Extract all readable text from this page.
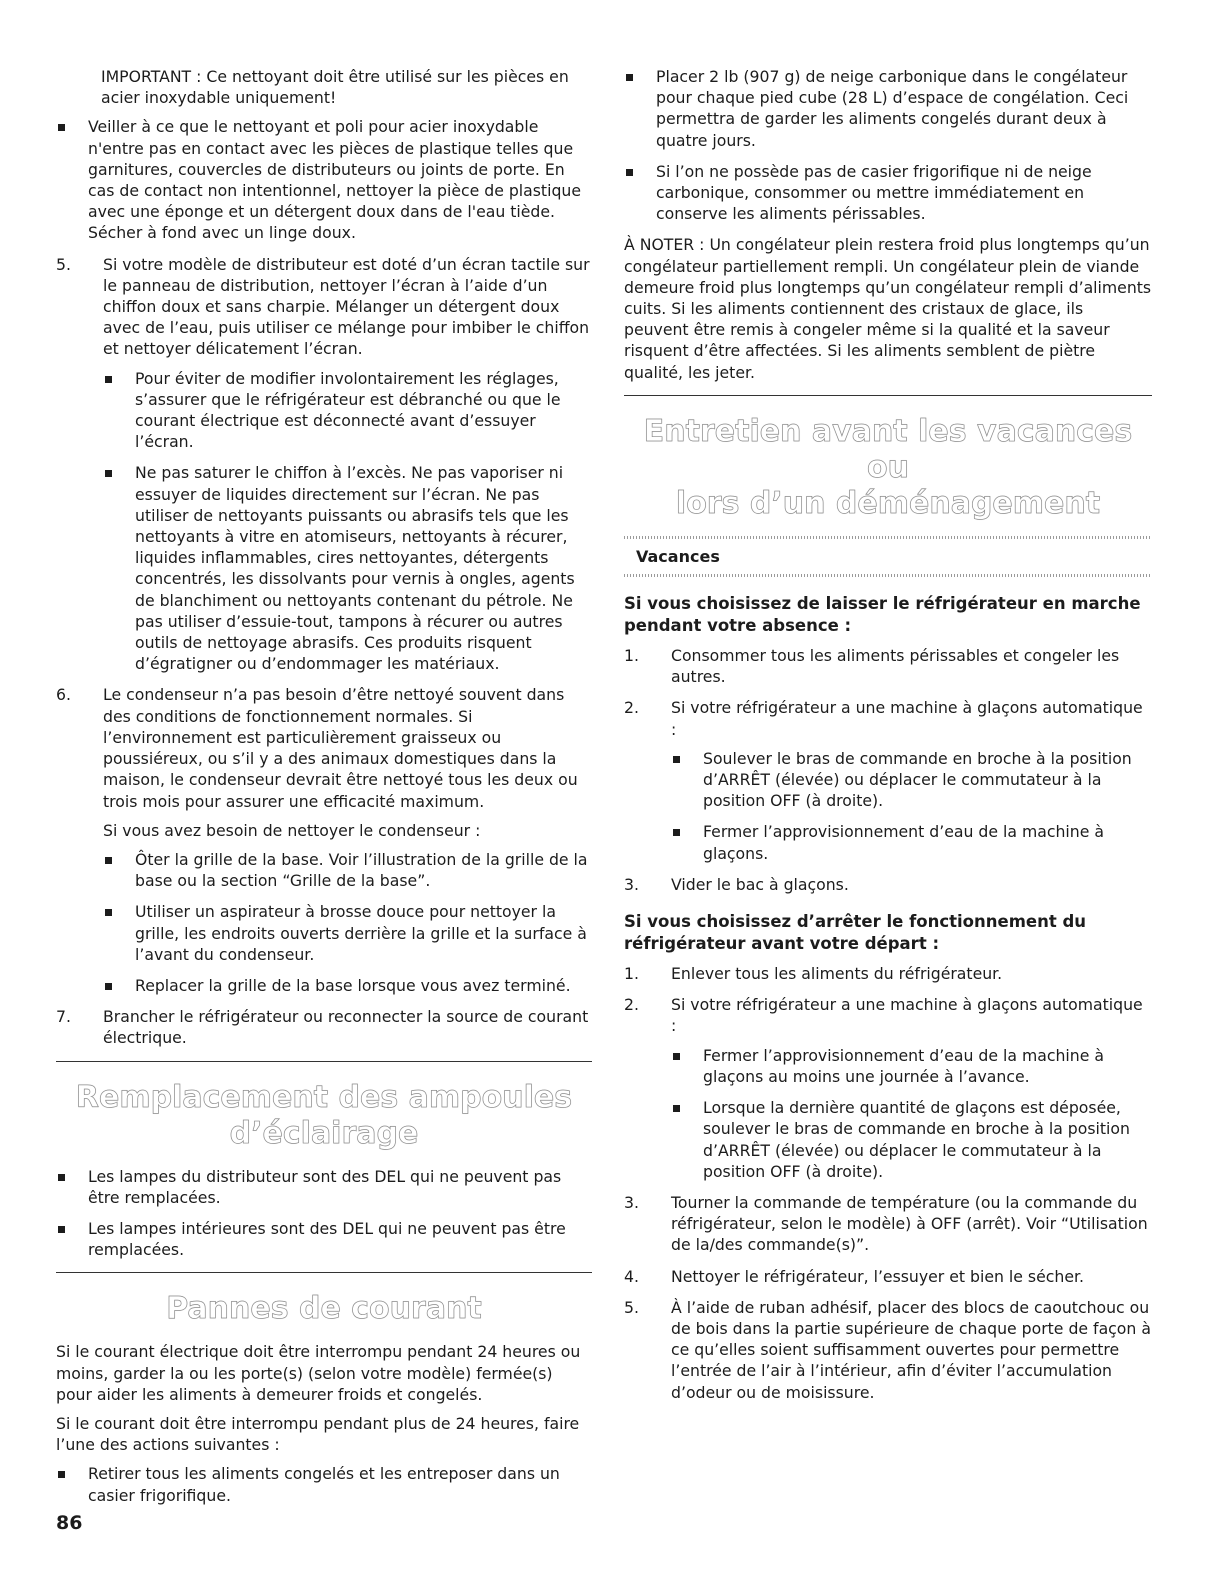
IMPORTANT : Ce nettoyant doit être utilisé sur les pièces en acier inoxydable uniquement!

Veiller à ce que le nettoyant et poli pour acier inoxydable n'entre pas en contact avec les pièces de plastique telles que garnitures, couvercles de distributeurs ou joints de porte. En cas de contact non intentionnel, nettoyer la pièce de plastique avec une éponge et un détergent doux dans de l'eau tiède. Sécher à fond avec un linge doux.
5.	Si votre modèle de distributeur est doté d’un écran tactile sur le panneau de distribution, nettoyer l’écran à l’aide d’un chiffon doux et sans charpie. Mélanger un détergent doux avec de l’eau, puis utiliser ce mélange pour imbiber le chiffon et nettoyer délicatement l’écran.
Pour éviter de modifier involontairement les réglages, s’assurer que le réfrigérateur est débranché ou que le courant électrique est déconnecté avant d’essuyer l’écran.
Ne pas saturer le chiffon à l’excès. Ne pas vaporiser ni essuyer de liquides directement sur l’écran. Ne pas utiliser de nettoyants puissants ou abrasifs tels que les nettoyants à vitre en atomiseurs, nettoyants à récurer, liquides inflammables, cires nettoyantes, détergents concentrés, les dissolvants pour vernis à ongles, agents de blanchiment ou nettoyants contenant du pétrole. Ne pas utiliser d’essuie-tout, tampons à récurer ou autres outils de nettoyage abrasifs. Ces produits risquent d’égratigner ou d’endommager les matériaux.
6.	Le condenseur n’a pas besoin d’être nettoyé souvent dans des conditions de fonctionnement normales. Si l’environnement est particulièrement graisseux ou poussiéreux, ou s’il y a des animaux domestiques dans la maison, le condenseur devrait être nettoyé tous les deux ou trois mois pour assurer une efficacité maximum.

Si vous avez besoin de nettoyer le condenseur :

Ôter la grille de la base. Voir l’illustration de la grille de la base ou la section “Grille de la base”.
Utiliser un aspirateur à brosse douce pour nettoyer la grille, les endroits ouverts derrière la grille et la surface à l’avant du condenseur.
Replacer la grille de la base lorsque vous avez terminé.
7.	Brancher le réfrigérateur ou reconnecter la source de courant électrique.
Remplacement des ampoules d’éclairage
Les lampes du distributeur sont des DEL qui ne peuvent pas être remplacées.
Les lampes intérieures sont des DEL qui ne peuvent pas être remplacées.
Pannes de courant

Si le courant électrique doit être interrompu pendant 24 heures ou moins, garder la ou les porte(s) (selon votre modèle) fermée(s) pour aider les aliments à demeurer froids et congelés.

Si le courant doit être interrompu pendant plus de 24 heures, faire l’une des actions suivantes :

Retirer tous les aliments congelés et les entreposer dans un casier frigorifique.
Placer 2 lb (907 g) de neige carbonique dans le congélateur pour chaque pied cube (28 L) d’espace de congélation. Ceci permettra de garder les aliments congelés durant deux à quatre jours.
Si l’on ne possède pas de casier frigorifique ni de neige carbonique, consommer ou mettre immédiatement en conserve les aliments périssables.

À NOTER : Un congélateur plein restera froid plus longtemps qu’un congélateur partiellement rempli. Un congélateur plein de viande demeure froid plus longtemps qu’un congélateur rempli d’aliments cuits. Si les aliments contiennent des cristaux de glace, ils peuvent être remis à congeler même si la qualité et la saveur risquent d’être affectées. Si les aliments semblent de piètre qualité, les jeter.

Entretien avant les vacances ou
lors d’un déménagement
Vacances
Si vous choisissez de laisser le réfrigérateur en marche pendant votre absence :
1.	Consommer tous les aliments périssables et congeler les autres.
2.	Si votre réfrigérateur a une machine à glaçons automatique :
Soulever le bras de commande en broche à la position d’ARRÊT (élevée) ou déplacer le commutateur à la position OFF (à droite).
Fermer l’approvisionnement d’eau de la machine à glaçons.
3.	Vider le bac à glaçons.
Si vous choisissez d’arrêter le fonctionnement du réfrigérateur avant votre départ :
1.	Enlever tous les aliments du réfrigérateur.
2.	Si votre réfrigérateur a une machine à glaçons automatique :
Fermer l’approvisionnement d’eau de la machine à glaçons au moins une journée à l’avance.
Lorsque la dernière quantité de glaçons est déposée, soulever le bras de commande en broche à la position d’ARRÊT (élevée) ou déplacer le commutateur à la position OFF (à droite).
3.	Tourner la commande de température (ou la commande du réfrigérateur, selon le modèle) à OFF (arrêt). Voir “Utilisation de la/des commande(s)”.
4.	Nettoyer le réfrigérateur, l’essuyer et bien le sécher.
5.	À l’aide de ruban adhésif, placer des blocs de caoutchouc ou de bois dans la partie supérieure de chaque porte de façon à ce qu’elles soient suffisamment ouvertes pour permettre l’entrée de l’air à l’intérieur, afin d’éviter l’accumulation d’odeur ou de moisissure.
86
